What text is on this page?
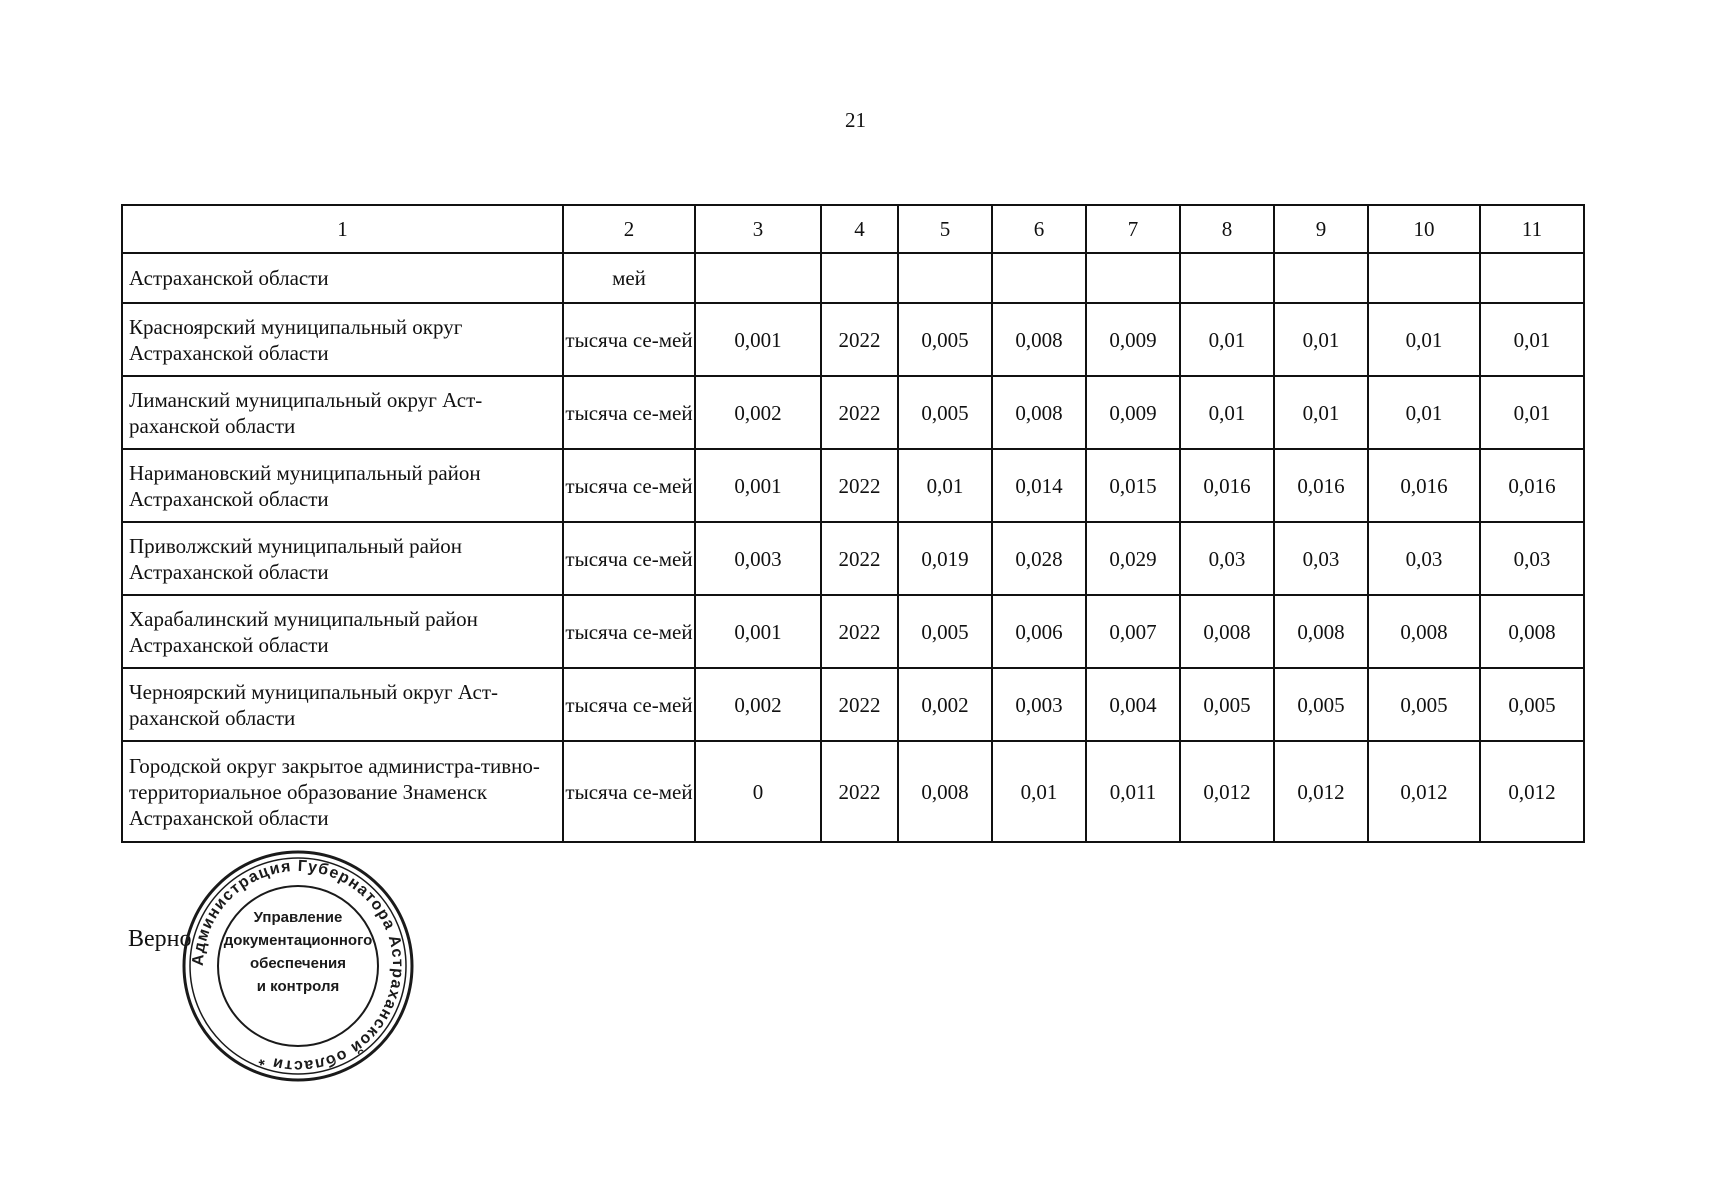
21
1	2	3	4	5	6	7	8	9	10	11
Астраханской области	мей									
Красноярский муниципальный округ Астраханской области	тысяча се-мей	0,001	2022	0,005	0,008	0,009	0,01	0,01	0,01	0,01
Лиманский муниципальный округ Аст-раханской области	тысяча се-мей	0,002	2022	0,005	0,008	0,009	0,01	0,01	0,01	0,01
Наримановский муниципальный район Астраханской области	тысяча се-мей	0,001	2022	0,01	0,014	0,015	0,016	0,016	0,016	0,016
Приволжский муниципальный район Астраханской области	тысяча се-мей	0,003	2022	0,019	0,028	0,029	0,03	0,03	0,03	0,03
Харабалинский муниципальный район Астраханской области	тысяча се-мей	0,001	2022	0,005	0,006	0,007	0,008	0,008	0,008	0,008
Черноярский муниципальный округ Аст-раханской области	тысяча се-мей	0,002	2022	0,002	0,003	0,004	0,005	0,005	0,005	0,005
Городской округ закрытое администра-тивно-территориальное образование Знаменск Астраханской области	тысяча се-мей	0	2022	0,008	0,01	0,011	0,012	0,012	0,012	0,012
Верно
Администрация Губернатора Астраханской области *
Управление
документационного
обеспечения
и контроля
